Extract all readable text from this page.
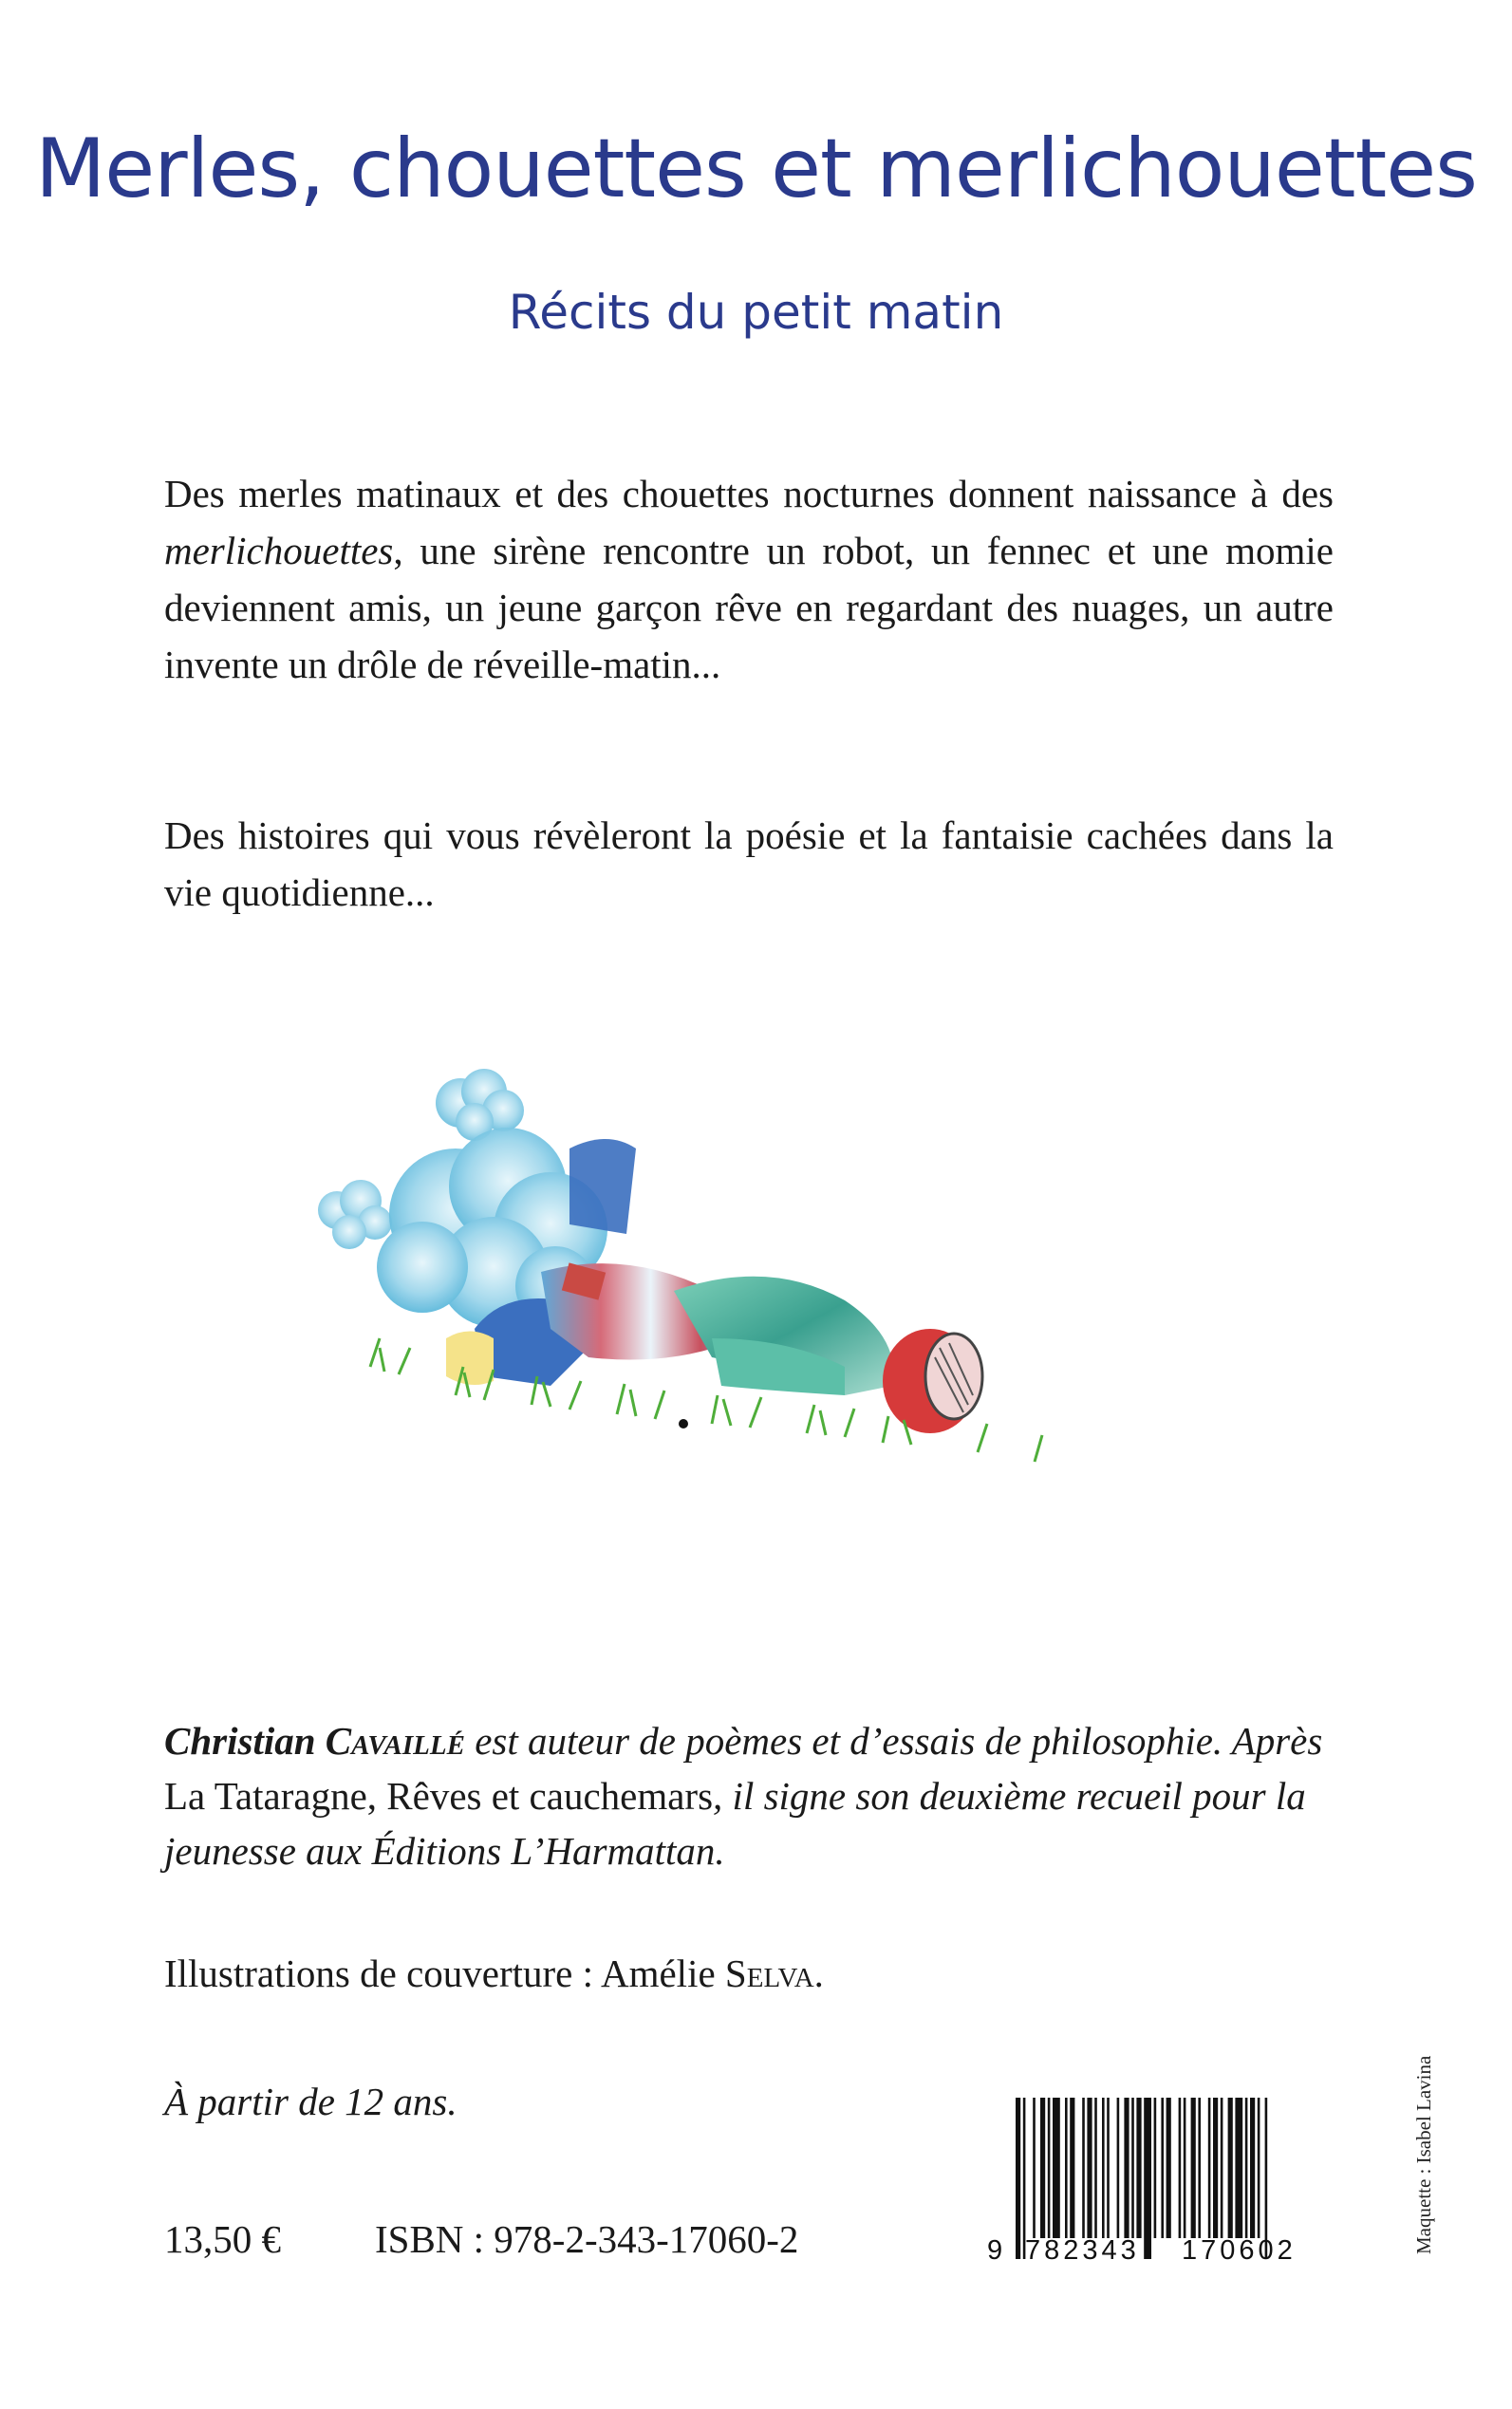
Merles, chouettes et merlichouettes
Récits du petit matin

Des merles matinaux et des chouettes nocturnes donnent naissance à des merlichouettes, une sirène rencontre un robot, un fennec et une momie deviennent amis, un jeune garçon rêve en regardant des nuages, un autre invente un drôle de réveille-matin...

Des histoires qui vous révèleront la poésie et la fantaisie cachées dans la vie quotidienne...

Christian Cavaillé est auteur de poèmes et d’essais de philosophie. Après La Tataragne, Rêves et cauchemars, il signe son deuxième recueil pour la jeunesse aux Éditions L’Harmattan.

Illustrations de couverture : Amélie Selva.

À partir de 12 ans.

13,50 € ISBN : 978-2-343-17060-2	9 782343 170602	Maquette : Isabel Lavina
